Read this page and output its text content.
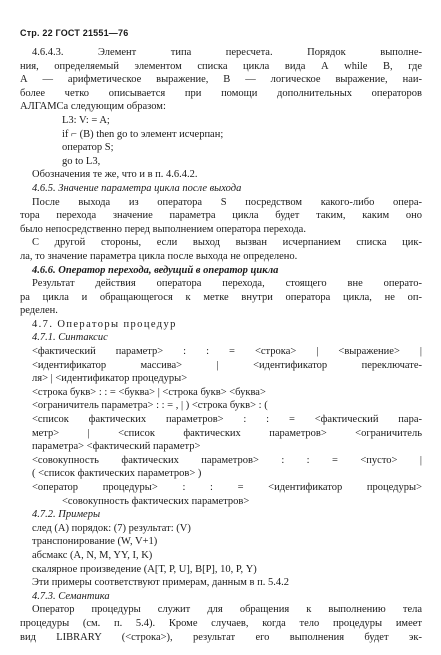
Стр. 22 ГОСТ 21551—76
4.6.4.3. Элемент типа пересчета. Порядок выполне-
ния, определяемый элементом списка цикла вида А while В, где
А — арифметическое выражение, В — логическое выражение, наи-
более четко описывается при помощи дополнительных операторов
АЛГАМСа следующим образом:
L3: V: = A;
if ⌐ (B) then go to элемент исчерпан;
оператор S;
go to L3,
Обозначения те же, что и в п. 4.6.4.2.
4.6.5. Значение параметра цикла после выхода
После выхода из оператора S посредством какого-либо опера-
тора перехода значение параметра цикла будет таким, каким оно
было непосредственно перед выполнением оператора перехода.
С другой стороны, если выход вызван исчерпанием списка цик-
ла, то значение параметра цикла после выхода не определено.
4.6.6. Оператор перехода, ведущий в оператор цикла
Результат действия оператора перехода, стоящего вне операто-
ра цикла и обращающегося к метке внутри оператора цикла, не оп-
ределен.
4.7. Операторы процедур
4.7.1. Синтаксис
<фактический параметр> : : = <строка> | <выражение> |
<идентификатор массива> | <идентификатор переключате-
ля> | <идентификатор процедуры>
<строка букв> : : = <буква> | <строка букв> <буква>
<ограничитель параметра> : : = , | ) <строка букв> : (
<список фактических параметров> : : = <фактический пара-
метр> | <список фактических параметров> <ограничитель
параметра> <фактический параметр>
<совокупность фактических параметров> : : = <пусто> |
( <список фактических параметров> )
<оператор процедуры> : : = <идентификатор процедуры>
<совокупность фактических параметров>
4.7.2. Примеры
след (А) порядок: (7) результат: (V)
транспонирование (W, V+1)
абсмакс (А, N, M, YY, I, K)
скалярное произведение (А[Т, Р, U], В[Р], 10, Р, Y)
Эти примеры соответствуют примерам, данным в п. 5.4.2
4.7.3. Семантика
Оператор процедуры служит для обращения к выполнению тела
процедуры (см. п. 5.4). Кроме случаев, когда тело процедуры имеет
вид LIBRARY (<строка>), результат его выполнения будет эк-
